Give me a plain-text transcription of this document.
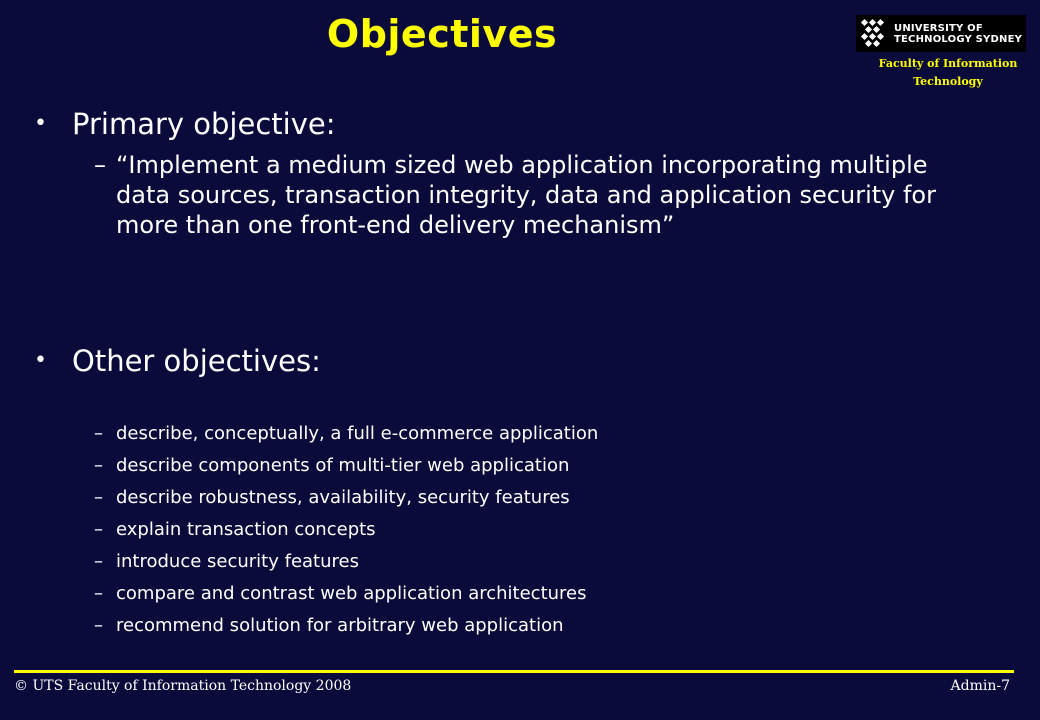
Objectives	UNIVERSITY OF
TECHNOLOGY SYDNEY
Faculty of Information
Technology
• Primary objective:
– “Implement a medium sized web application incorporating multiple data sources, transaction integrity, data and application security for more than one front-end delivery mechanism”
• Other objectives:
– describe, conceptually, a full e-commerce application
– describe components of multi-tier web application
– describe robustness, availability, security features
– explain transaction concepts
– introduce security features
– compare and contrast web application architectures
– recommend solution for arbitrary web application
© UTS Faculty of Information Technology 2008	Admin-7
